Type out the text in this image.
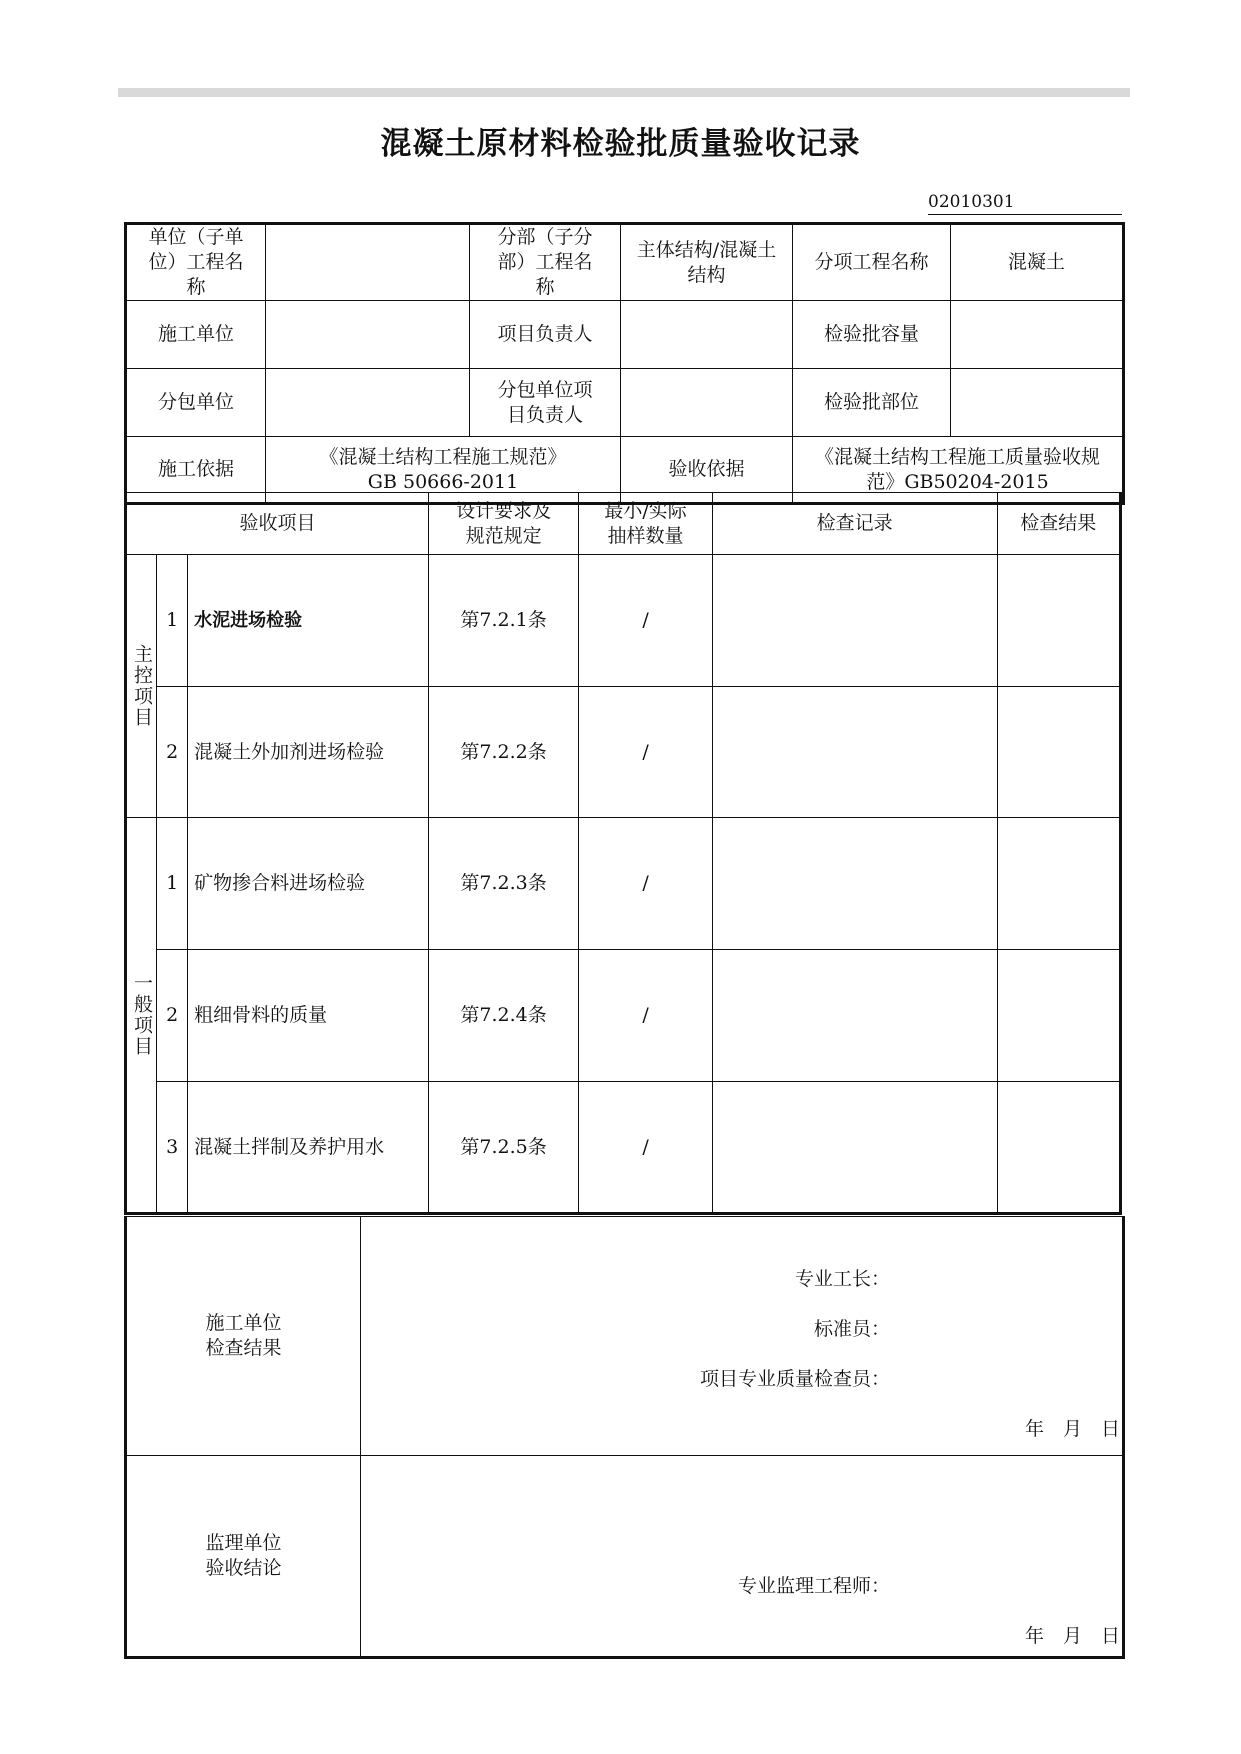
混凝土原材料检验批质量验收记录
02010301
单位（子单位）工程名称		分部（子分部）工程名称	主体结构/混凝土结构	分项工程名称	混凝土
施工单位		项目负责人		检验批容量	
分包单位		分包单位项目负责人		检验批部位	
施工依据	《混凝土结构工程施工规范》GB 50666-2011		验收依据	《混凝土结构工程施工质量验收规范》GB50204-2015	
验收项目			设计要求及规范规定	最小/实际抽样数量	检查记录	检查结果
主控项目	1	水泥进场检验	第7.2.1条	/		
	2	混凝土外加剂进场检验	第7.2.2条	/		
一般项目	1	矿物掺合料进场检验	第7.2.3条	/		
	2	粗细骨料的质量	第7.2.4条	/		
	3	混凝土拌制及养护用水	第7.2.5条	/		
施工单位检查结果	专业工长：
标准员：
项目专业质量检查员：
年　月　日

监理单位验收结论	专业监理工程师：
年　月　日
